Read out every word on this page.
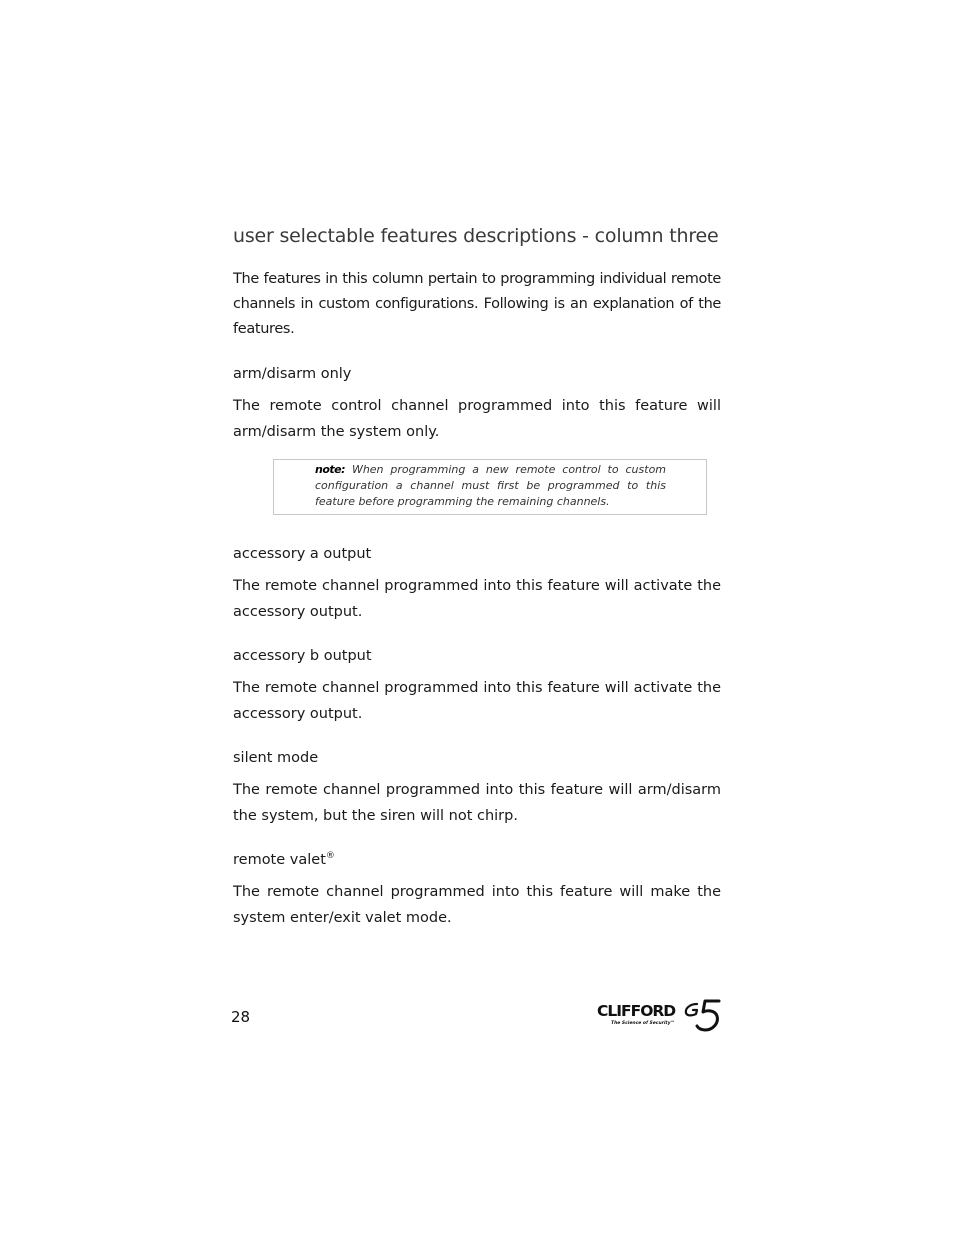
user selectable features descriptions - column three

The features in this column pertain to programming individual remote channels in custom configurations. Following is an explanation of the features.

arm/disarm only

The remote control channel programmed into this feature will arm/disarm the system only.

note: When programming a new remote control to custom configuration a channel must first be programmed to this feature before programming the remaining channels.

accessory a output

The remote channel programmed into this feature will activate the accessory output.

accessory b output

The remote channel programmed into this feature will activate the accessory output.

silent mode

The remote channel programmed into this feature will arm/disarm the system, but the siren will not chirp.

remote valet®

The remote channel programmed into this feature will make the system enter/exit valet mode.

28	CLIFFORD
The Science of Security™
